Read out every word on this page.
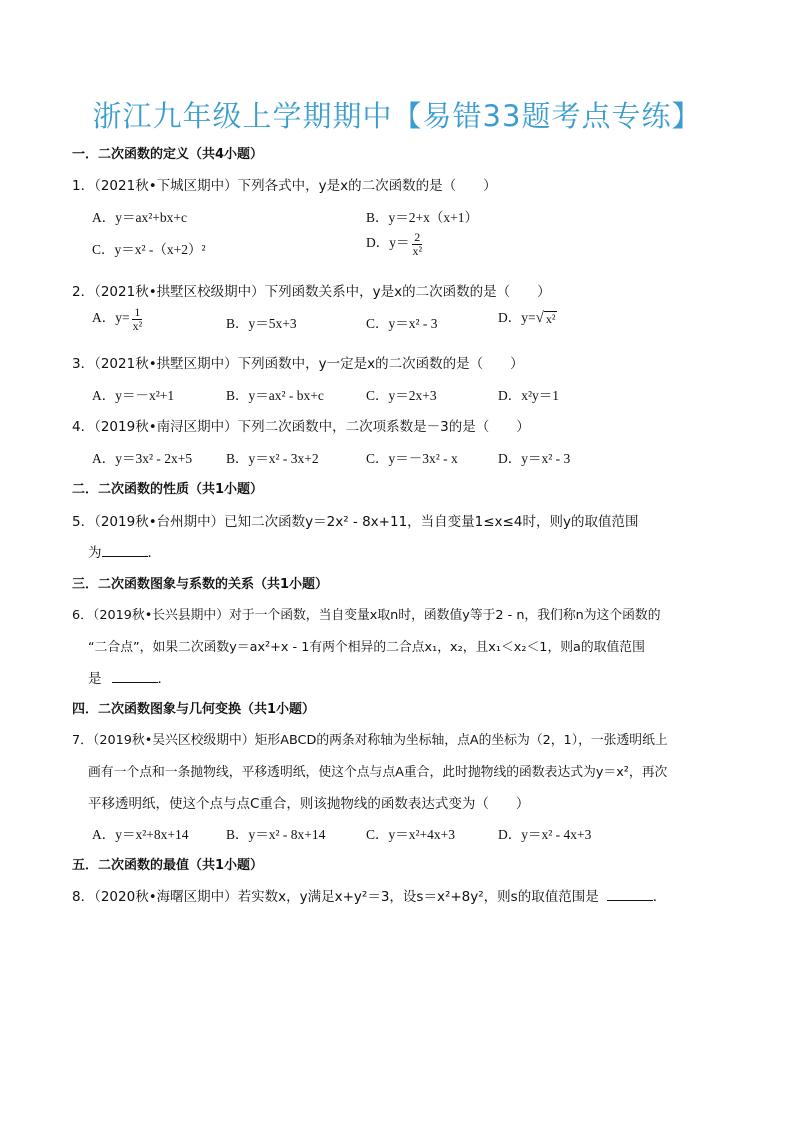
浙江九年级上学期期中【易错33题考点专练】
一．二次函数的定义（共4小题）
1．（2021秋•下城区期中）下列各式中，y是x的二次函数的是（　　）
A．y＝ax²+bx+c	B．y＝2+x（x+1）
C．y＝x² -（x+2）²	D．$y= \frac{2}{\text{x²}}$
2．（2021秋•拱墅区校级期中）下列函数关系中，y是x的二次函数的是（　　）
A．$y= \frac{1}{\text{x²}}$	B．y＝5x+3	C．y＝x² - 3	D．y= √ x²
3．（2021秋•拱墅区期中）下列函数中，y一定是x的二次函数的是（　　）
A．y＝－x²+1	B．y＝ax² - bx+c	C．y＝2x+3	D．x²y＝1
4．（2019秋•南浔区期中）下列二次函数中，二次项系数是－3的是（　　）
A．y＝3x² - 2x+5	B．y＝x² - 3x+2	C．y＝－3x² - x	D．y＝x² - 3
二．二次函数的性质（共1小题）
5．（2019秋•台州期中）已知二次函数y＝2x² - 8x+11，当自变量1≤x≤4时，则y的取值范围
为	．
三．二次函数图象与系数的关系（共1小题）
6．（2019秋•长兴县期中）对于一个函数，当自变量x取n时，函数值y等于2 - n，我们称n为这个函数的
“二合点”，如果二次函数y＝ax²+x - 1有两个相异的二合点x₁，x₂，且x₁＜x₂＜1，则a的取值范围
是	．
四．二次函数图象与几何变换（共1小题）
7．（2019秋•吴兴区校级期中）矩形ABCD的两条对称轴为坐标轴，点A的坐标为（2，1），一张透明纸上
画有一个点和一条抛物线，平移透明纸，使这个点与点A重合，此时抛物线的函数表达式为y＝x²，再次
平移透明纸，使这个点与点C重合，则该抛物线的函数表达式变为（　　）
A．y＝x²+8x+14	B．y＝x² - 8x+14	C．y＝x²+4x+3	D．y＝x² - 4x+3
五．二次函数的最值（共1小题）
8．（2020秋•海曙区期中）若实数x，y满足x+y²＝3，设s＝x²+8y²，则s的取值范围是	．
